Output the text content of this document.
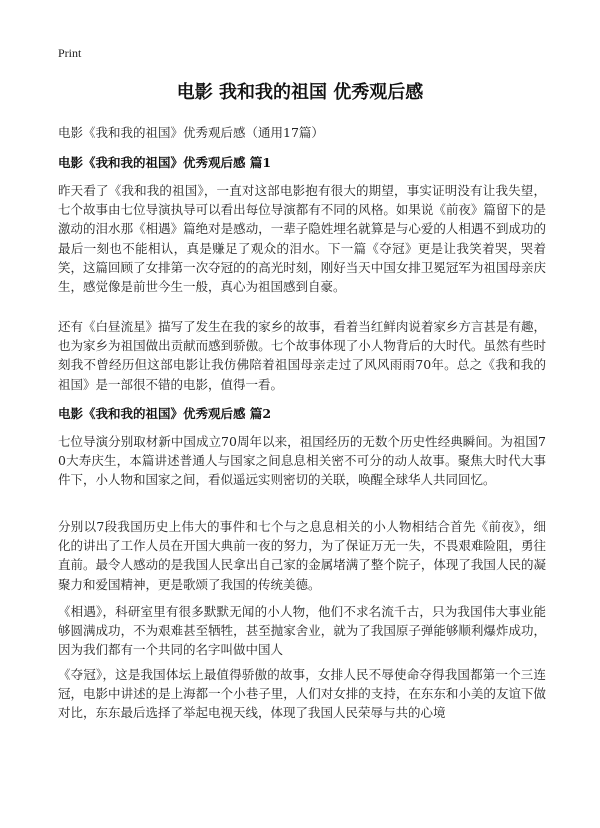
Print
电影 我和我的祖国 优秀观后感

电影《我和我的祖国》优秀观后感（通用17篇）

电影《我和我的祖国》优秀观后感 篇1

昨天看了《我和我的祖国》，一直对这部电影抱有很大的期望，事实证明没有让我失望，七个故事由七位导演执导可以看出每位导演都有不同的风格。如果说《前夜》篇留下的是激动的泪水那《相遇》篇绝对是感动，一辈子隐姓埋名就算是与心爱的人相遇不到成功的最后一刻也不能相认，真是赚足了观众的泪水。下一篇《夺冠》更是让我笑着哭，哭着笑，这篇回顾了女排第一次夺冠的的高光时刻，刚好当天中国女排卫冕冠军为祖国母亲庆生，感觉像是前世今生一般，真心为祖国感到自豪。

还有《白昼流星》描写了发生在我的家乡的故事，看着当红鲜肉说着家乡方言甚是有趣，也为家乡为祖国做出贡献而感到骄傲。七个故事体现了小人物背后的大时代。虽然有些时刻我不曾经历但这部电影让我仿佛陪着祖国母亲走过了风风雨雨70年。总之《我和我的祖国》是一部很不错的电影，值得一看。

电影《我和我的祖国》优秀观后感 篇2

七位导演分别取材新中国成立70周年以来，祖国经历的无数个历史性经典瞬间。为祖国70大寿庆生，本篇讲述普通人与国家之间息息相关密不可分的动人故事。聚焦大时代大事件下，小人物和国家之间，看似遥远实则密切的关联，唤醒全球华人共同回忆。

分别以7段我国历史上伟大的事件和七个与之息息相关的小人物相结合首先《前夜》，细化的讲出了工作人员在开国大典前一夜的努力，为了保证万无一失，不畏艰难险阻，勇往直前。最令人感动的是我国人民拿出自己家的金属堵满了整个院子，体现了我国人民的凝聚力和爱国精神，更是歌颂了我国的传统美德。

《相遇》，科研室里有很多默默无闻的小人物，他们不求名流千古，只为我国伟大事业能够圆满成功，不为艰难甚至牺牲，甚至抛家舍业，就为了我国原子弹能够顺利爆炸成功，因为我们都有一个共同的名字叫做中国人

《夺冠》，这是我国体坛上最值得骄傲的故事，女排人民不辱使命夺得我国都第一个三连冠，电影中讲述的是上海都一个小巷子里，人们对女排的支持，在东东和小美的友谊下做对比，东东最后选择了举起电视天线，体现了我国人民荣辱与共的心境
